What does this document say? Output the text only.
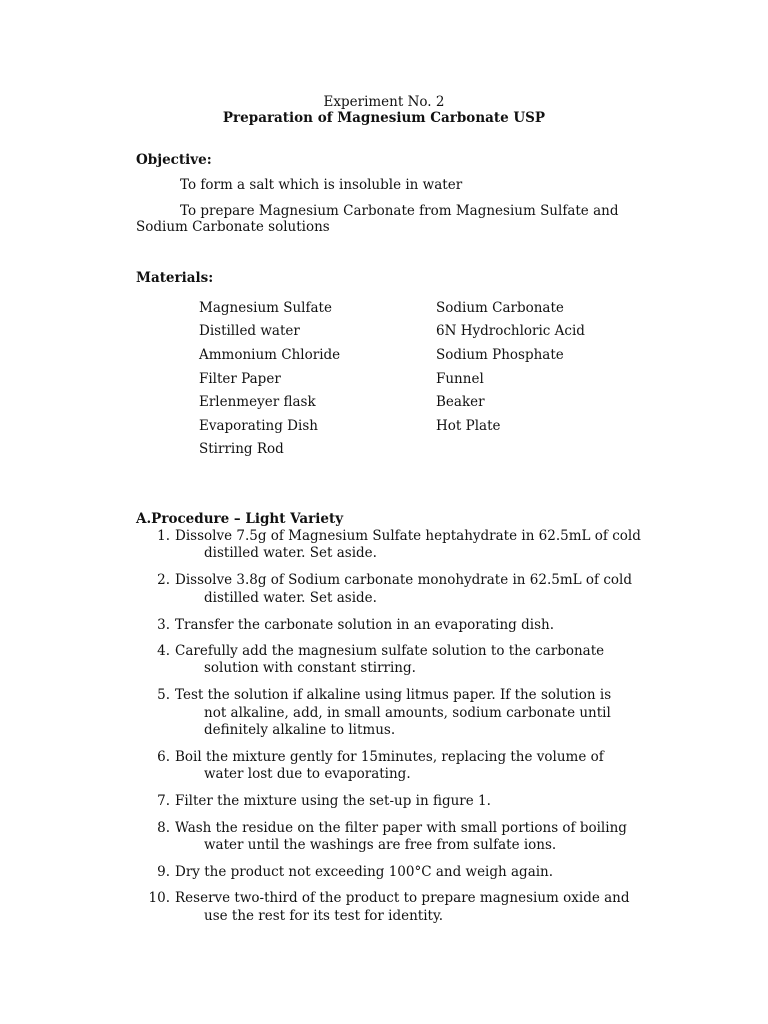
Experiment No. 2
Preparation of Magnesium Carbonate USP
Objective:
To form a salt which is insoluble in water
To prepare Magnesium Carbonate from Magnesium Sulfate and
Sodium Carbonate solutions
Materials:
Magnesium Sulfate
Distilled water
Ammonium Chloride
Filter Paper
Erlenmeyer flask
Evaporating Dish
Stirring Rod
Sodium Carbonate
6N Hydrochloric Acid
Sodium Phosphate
Funnel
Beaker
Hot Plate
A.Procedure – Light Variety
1. Dissolve 7.5g of Magnesium Sulfate heptahydrate in 62.5mL of cold
distilled water. Set aside.
2. Dissolve 3.8g of Sodium carbonate monohydrate in 62.5mL of cold
distilled water. Set aside.
3. Transfer the carbonate solution in an evaporating dish.
4. Carefully add the magnesium sulfate solution to the carbonate
solution with constant stirring.
5. Test the solution if alkaline using litmus paper. If the solution is
not alkaline, add, in small amounts, sodium carbonate until
definitely alkaline to litmus.
6. Boil the mixture gently for 15minutes, replacing the volume of
water lost due to evaporating.
7. Filter the mixture using the set-up in figure 1.
8. Wash the residue on the filter paper with small portions of boiling
water until the washings are free from sulfate ions.
9. Dry the product not exceeding 100°C and weigh again.
10. Reserve two-third of the product to prepare magnesium oxide and
use the rest for its test for identity.
